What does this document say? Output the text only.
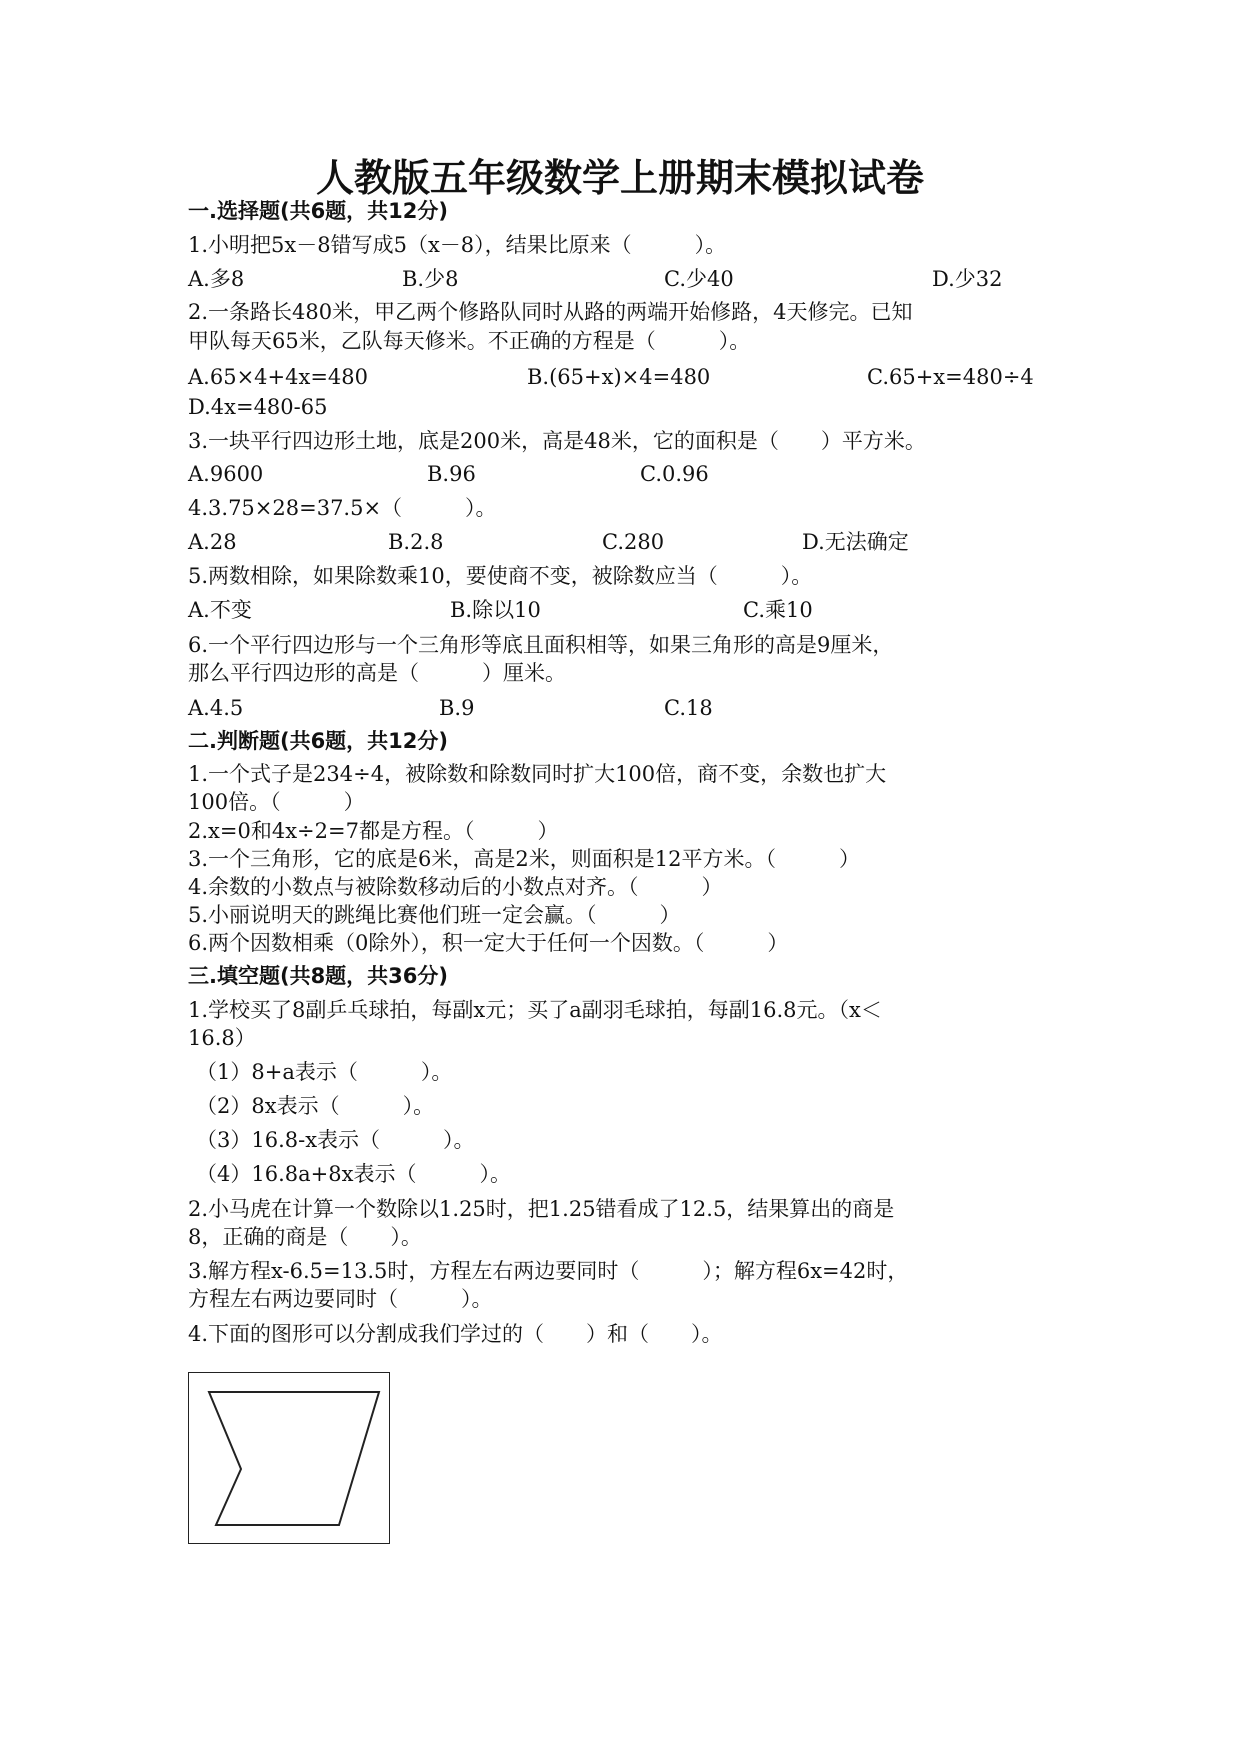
人教版五年级数学上册期末模拟试卷
一.选择题(共6题，共12分)
1.小明把5x－8错写成5（x－8），结果比原来（　　　）。
A.多8	B.少8	C.少40	D.少32
2.一条路长480米，甲乙两个修路队同时从路的两端开始修路，4天修完。已知
甲队每天65米，乙队每天修米。不正确的方程是（　　　）。
A.65×4+4x=480	B.(65+x)×4=480	C.65+x=480÷4
D.4x=480-65
3.一块平行四边形土地，底是200米，高是48米，它的面积是（　　）平方米。
A.9600	B.96	C.0.96
4.3.75×28=37.5×（　　　）。
A.28	B.2.8	C.280	D.无法确定
5.两数相除，如果除数乘10，要使商不变，被除数应当（　　　）。
A.不变	B.除以10	C.乘10
6.一个平行四边形与一个三角形等底且面积相等，如果三角形的高是9厘米，
那么平行四边形的高是（　　　）厘米。
A.4.5	B.9	C.18
二.判断题(共6题，共12分)
1.一个式子是234÷4，被除数和除数同时扩大100倍，商不变，余数也扩大
100倍。（　　　）
2.x=0和4x÷2=7都是方程。（　　　）
3.一个三角形，它的底是6米，高是2米，则面积是12平方米。（　　　）
4.余数的小数点与被除数移动后的小数点对齐。（　　　）
5.小丽说明天的跳绳比赛他们班一定会赢。（　　　）
6.两个因数相乘（0除外），积一定大于任何一个因数。（　　　）
三.填空题(共8题，共36分)
1.学校买了8副乒乓球拍，每副x元；买了a副羽毛球拍，每副16.8元。（x＜
16.8）
（1）8+a表示（　　　）。
（2）8x表示（　　　）。
（3）16.8-x表示（　　　）。
（4）16.8a+8x表示（　　　）。
2.小马虎在计算一个数除以1.25时，把1.25错看成了12.5，结果算出的商是
8，正确的商是（　　）。
3.解方程x-6.5=13.5时，方程左右两边要同时（　　　）；解方程6x=42时，
方程左右两边要同时（　　　）。
4.下面的图形可以分割成我们学过的（　　）和（　　）。
